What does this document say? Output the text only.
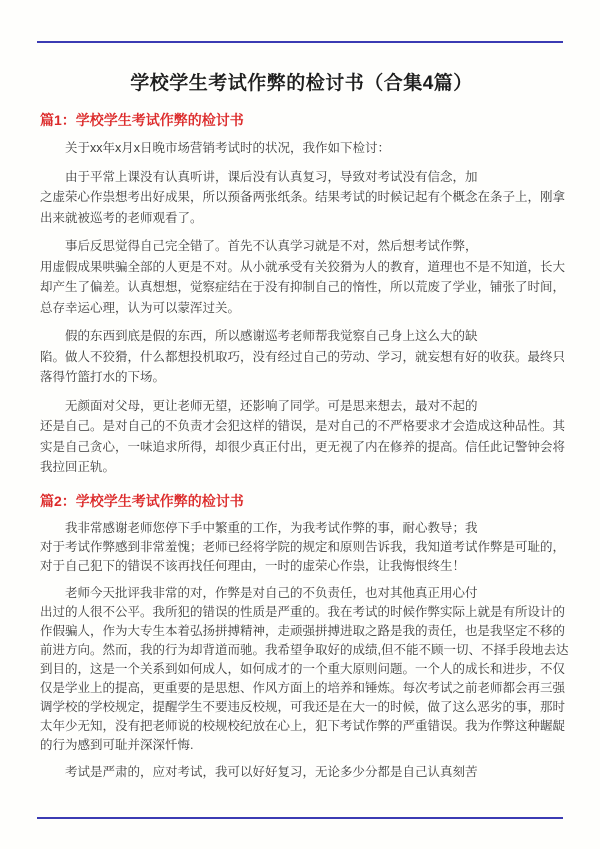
学校学生考试作弊的检讨书（合集4篇）
篇1：学校学生考试作弊的检讨书

关于xx年x月x日晚市场营销考试时的状况，我作如下检讨：

由于平常上课没有认真听讲，课后没有认真复习，导致对考试没有信念，加
之虚荣心作祟想考出好成果，所以预备两张纸条。结果考试的时候记起有个概念在条子上，刚拿
出来就被巡考的老师观看了。

事后反思觉得自己完全错了。首先不认真学习就是不对，然后想考试作弊，
用虚假成果哄骗全部的人更是不对。从小就承受有关狡猾为人的教育，道理也不是不知道，长大
却产生了偏差。认真想想，觉察症结在于没有抑制自己的惰性，所以荒废了学业，铺张了时间，
总存幸运心理，认为可以蒙浑过关。

假的东西到底是假的东西，所以感谢巡考老师帮我觉察自己身上这么大的缺
陷。做人不狡猾，什么都想投机取巧，没有经过自己的劳动、学习，就妄想有好的收获。最终只
落得竹篮打水的下场。

无颜面对父母，更让老师无望，还影响了同学。可是思来想去，最对不起的
还是自己。是对自己的不负责才会犯这样的错误，是对自己的不严格要求才会造成这种品性。其
实是自己贪心，一味追求所得，却很少真正付出，更无视了内在修养的提高。信任此记警钟会将
我拉回正轨。

篇2：学校学生考试作弊的检讨书

我非常感谢老师您停下手中繁重的工作，为我考试作弊的事，耐心教导；我
对于考试作弊感到非常羞愧；老师已经将学院的规定和原则告诉我，我知道考试作弊是可耻的，
对于自己犯下的错误不该再找任何理由，一时的虚荣心作祟，让我悔恨终生！

老师今天批评我非常的对，作弊是对自己的不负责任，也对其他真正用心付
出过的人很不公平。我所犯的错误的性质是严重的。我在考试的时候作弊实际上就是有所设计的
作假骗人，作为大专生本着弘扬拼搏精神，走顽强拼搏进取之路是我的责任，也是我坚定不移的
前进方向。然而，我的行为却背道而驰。我希望争取好的成绩,但不能不顾一切、不择手段地去达
到目的，这是一个关系到如何成人，如何成才的一个重大原则问题。一个人的成长和进步，不仅
仅是学业上的提高，更重要的是思想、作风方面上的培养和锤炼。每次考试之前老师都会再三强
调学校的学校规定，提醒学生不要违反校规，可我还是在大一的时候，做了这么恶劣的事，那时
太年少无知，没有把老师说的校规校纪放在心上，犯下考试作弊的严重错误。我为作弊这种龌龊
的行为感到可耻并深深忏悔.

考试是严肃的，应对考试，我可以好好复习，无论多少分都是自己认真刻苦
